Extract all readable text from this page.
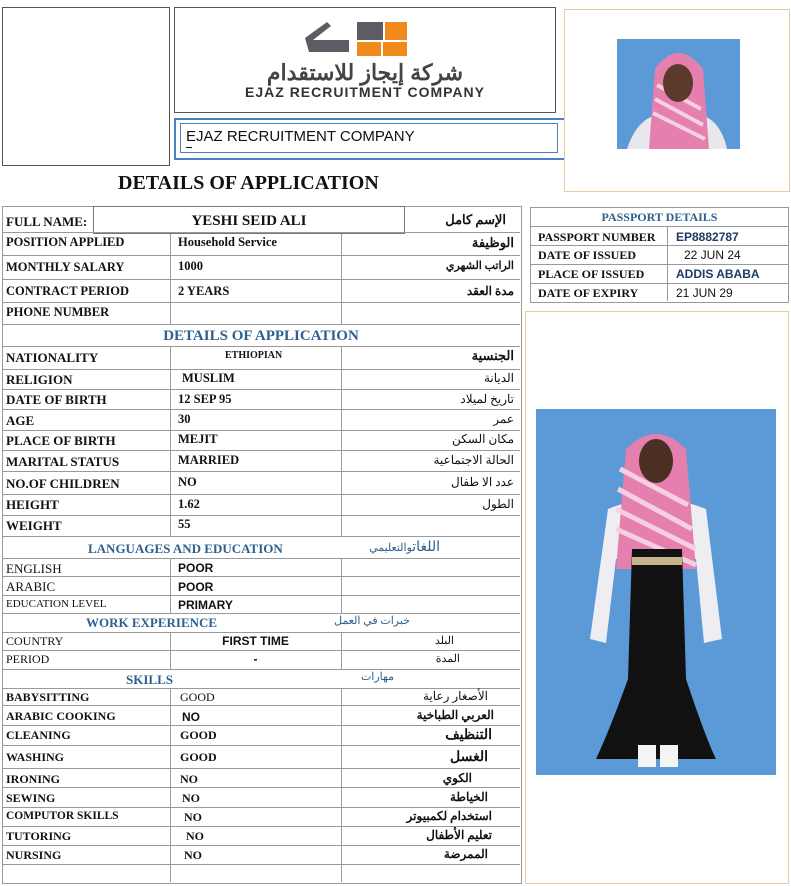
شركة إيجاز للاستقدام
EJAZ RECRUITMENT COMPANY
EJAZ RECRUITMENT COMPANY
DETAILS OF APPLICATION
FULL NAME:	YESHI SEID ALI	الإسم كامل
POSITION APPLIED	Household Service	الوظيفة
MONTHLY SALARY	1000	الراتب الشهري
CONTRACT PERIOD	2 YEARS	مدة العقد
PHONE NUMBER
DETAILS OF APPLICATION
NATIONALITY	ETHIOPIAN	الجنسية
RELIGION	MUSLIM	الديانة
DATE OF BIRTH	12 SEP 95	تاريخ لميلاد
AGE	30	عمر
PLACE OF BIRTH	MEJIT	مكان السكن
MARITAL STATUS	MARRIED	الحالة الاجتماعية
NO.OF CHILDREN	NO	عدد الا طفال
HEIGHT	1.62	الطول
WEIGHT	55
LANGUAGES AND EDUCATION	اللغاتوالتعليمي
ENGLISH	POOR
ARABIC	POOR
EDUCATION LEVEL	PRIMARY
WORK EXPERIENCE	خبرات في العمل
COUNTRY	FIRST TIME	البلد
PERIOD	-	المدة
SKILLS	مهارات
BABYSITTING	GOOD	الأصغار رعاية
ARABIC COOKING	NO	العربي الطباخية
CLEANING	GOOD	التنظيف
WASHING	GOOD	الغسل
IRONING	NO	الكوي
SEWING	NO	الخياطة
COMPUTOR SKILLS	NO	استخدام لكمبيوتر
TUTORING	NO	تعليم الأطفال
NURSING	NO	الممرضة
PASSPORT DETAILS
PASSPORT NUMBER EP8882787
DATE OF ISSUED	22 JUN 24
PLACE OF ISSUED	ADDIS ABABA
DATE OF EXPIRY	21 JUN 29
